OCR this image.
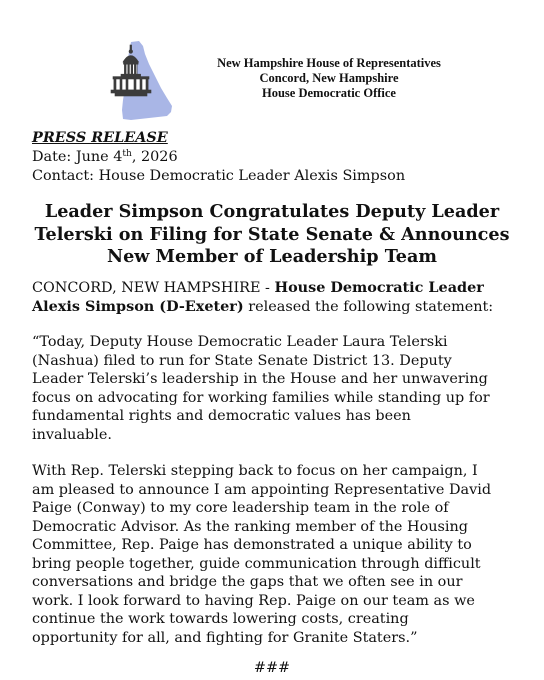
New Hampshire House of Representatives
Concord, New Hampshire
House Democratic Office
PRESS RELEASE
Date: June 4th, 2026
Contact: House Democratic Leader Alexis Simpson
Leader Simpson Congratulates Deputy Leader
Telerski on Filing for State Senate & Announces
New Member of Leadership Team
CONCORD, NEW HAMPSHIRE - House Democratic Leader
Alexis Simpson (D-Exeter) released the following statement:
“Today, Deputy House Democratic Leader Laura Telerski
(Nashua) filed to run for State Senate District 13. Deputy
Leader Telerski’s leadership in the House and her unwavering
focus on advocating for working families while standing up for
fundamental rights and democratic values has been
invaluable.
With Rep. Telerski stepping back to focus on her campaign, I
am pleased to announce I am appointing Representative David
Paige (Conway) to my core leadership team in the role of
Democratic Advisor. As the ranking member of the Housing
Committee, Rep. Paige has demonstrated a unique ability to
bring people together, guide communication through difficult
conversations and bridge the gaps that we often see in our
work. I look forward to having Rep. Paige on our team as we
continue the work towards lowering costs, creating
opportunity for all, and fighting for Granite Staters.”
###
